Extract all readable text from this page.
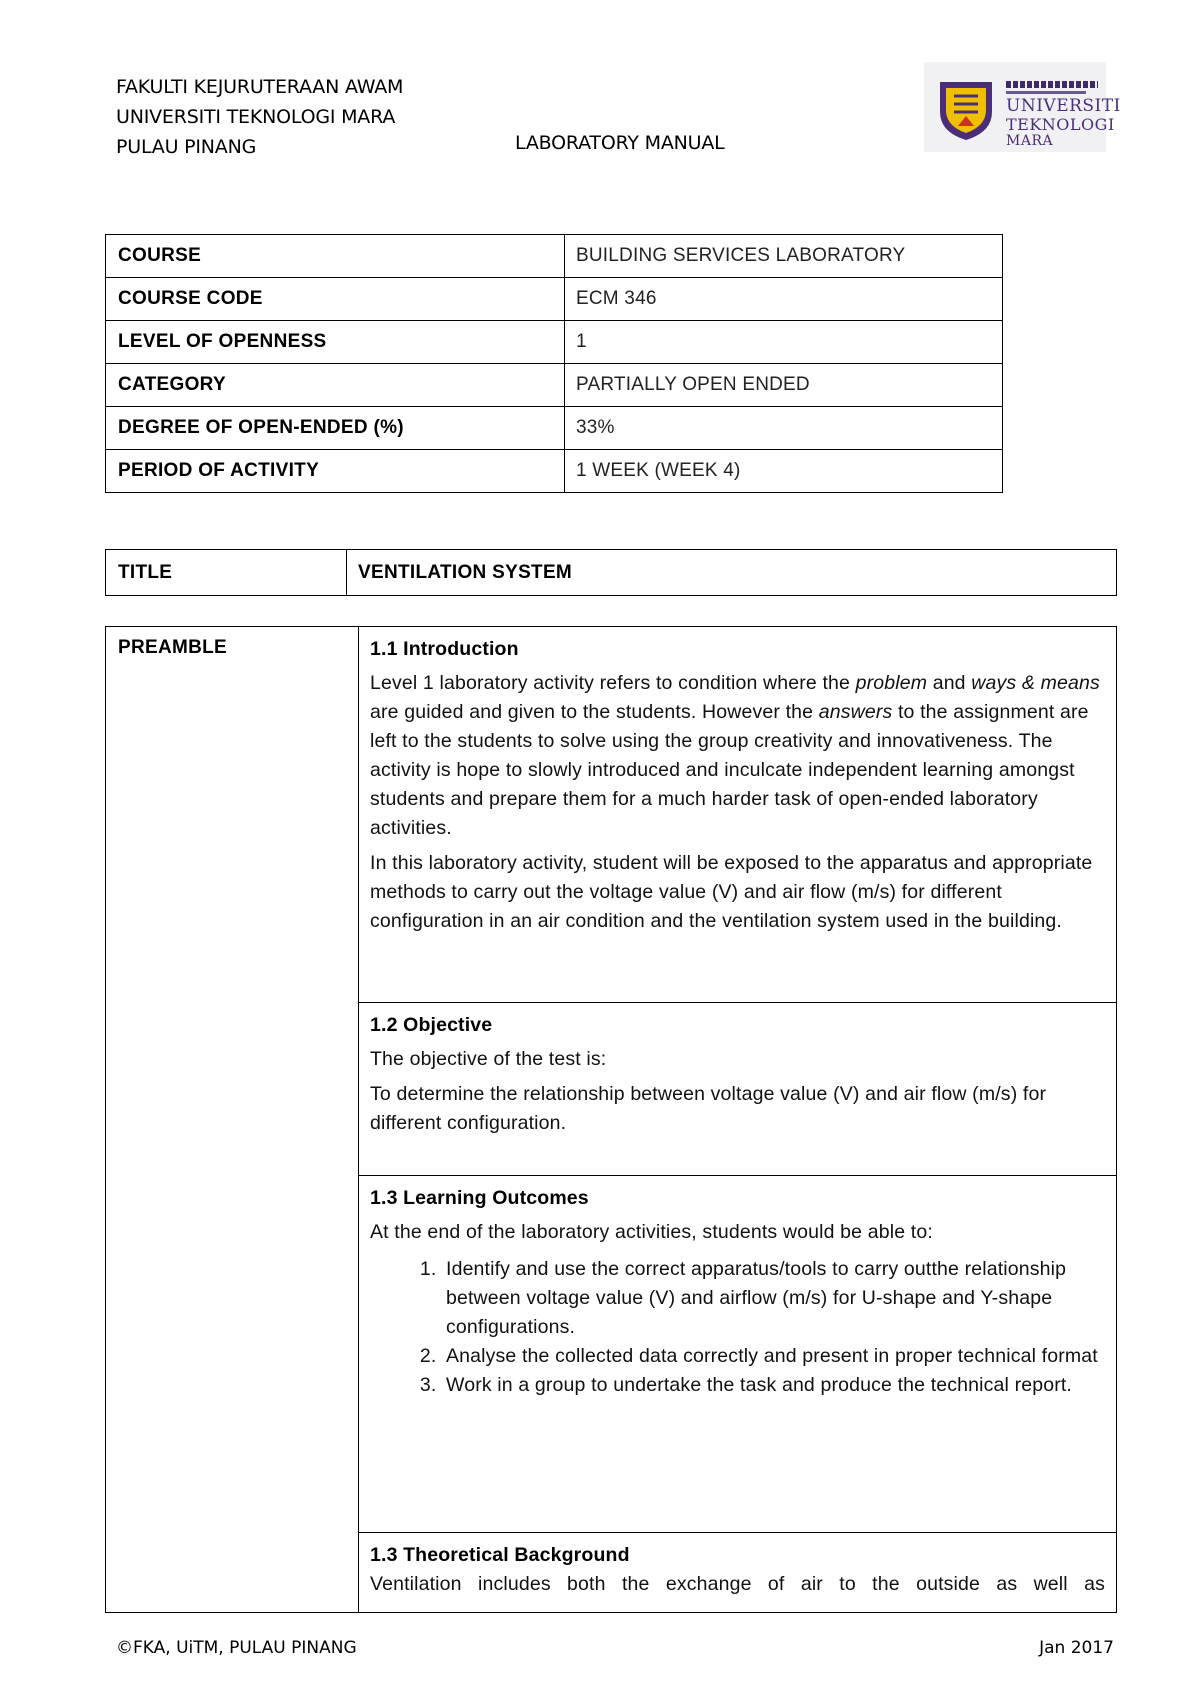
FAKULTI KEJURUTERAAN AWAM
UNIVERSITI TEKNOLOGI MARA
PULAU PINANG	LABORATORY MANUAL
UNIVERSITI
TEKNOLOGI
MARA
COURSE	BUILDING SERVICES LABORATORY
COURSE CODE	ECM 346
LEVEL OF OPENNESS	1
CATEGORY	PARTIALLY OPEN ENDED
DEGREE OF OPEN-ENDED (%)	33%
PERIOD OF ACTIVITY	1 WEEK (WEEK 4)
TITLE	VENTILATION SYSTEM
PREAMBLE	1.1 Introduction

Level 1 laboratory activity refers to condition where the problem and ways & means are guided and given to the students. However the answers to the assignment are left to the students to solve using the group creativity and innovativeness. The activity is hope to slowly introduced and inculcate independent learning amongst students and prepare them for a much harder task of open-ended laboratory activities.

In this laboratory activity, student will be exposed to the apparatus and appropriate methods to carry out the voltage value (V) and air flow (m/s) for different configuration in an air condition and the ventilation system used in the building.

1.2 Objective

The objective of the test is:

To determine the relationship between voltage value (V) and air flow (m/s) for different configuration.

1.3 Learning Outcomes

At the end of the laboratory activities, students would be able to:

1. Identify and use the correct apparatus/tools to carry outthe relationship between voltage value (V) and airflow (m/s) for U-shape and Y-shape configurations.
2. Analyse the collected data correctly and present in proper technical format
3. Work in a group to undertake the task and produce the technical report.

1.3 Theoretical Background
Ventilation includes both the exchange of air to the outside as well as
©FKA, UiTM, PULAU PINANG	Jan 2017
